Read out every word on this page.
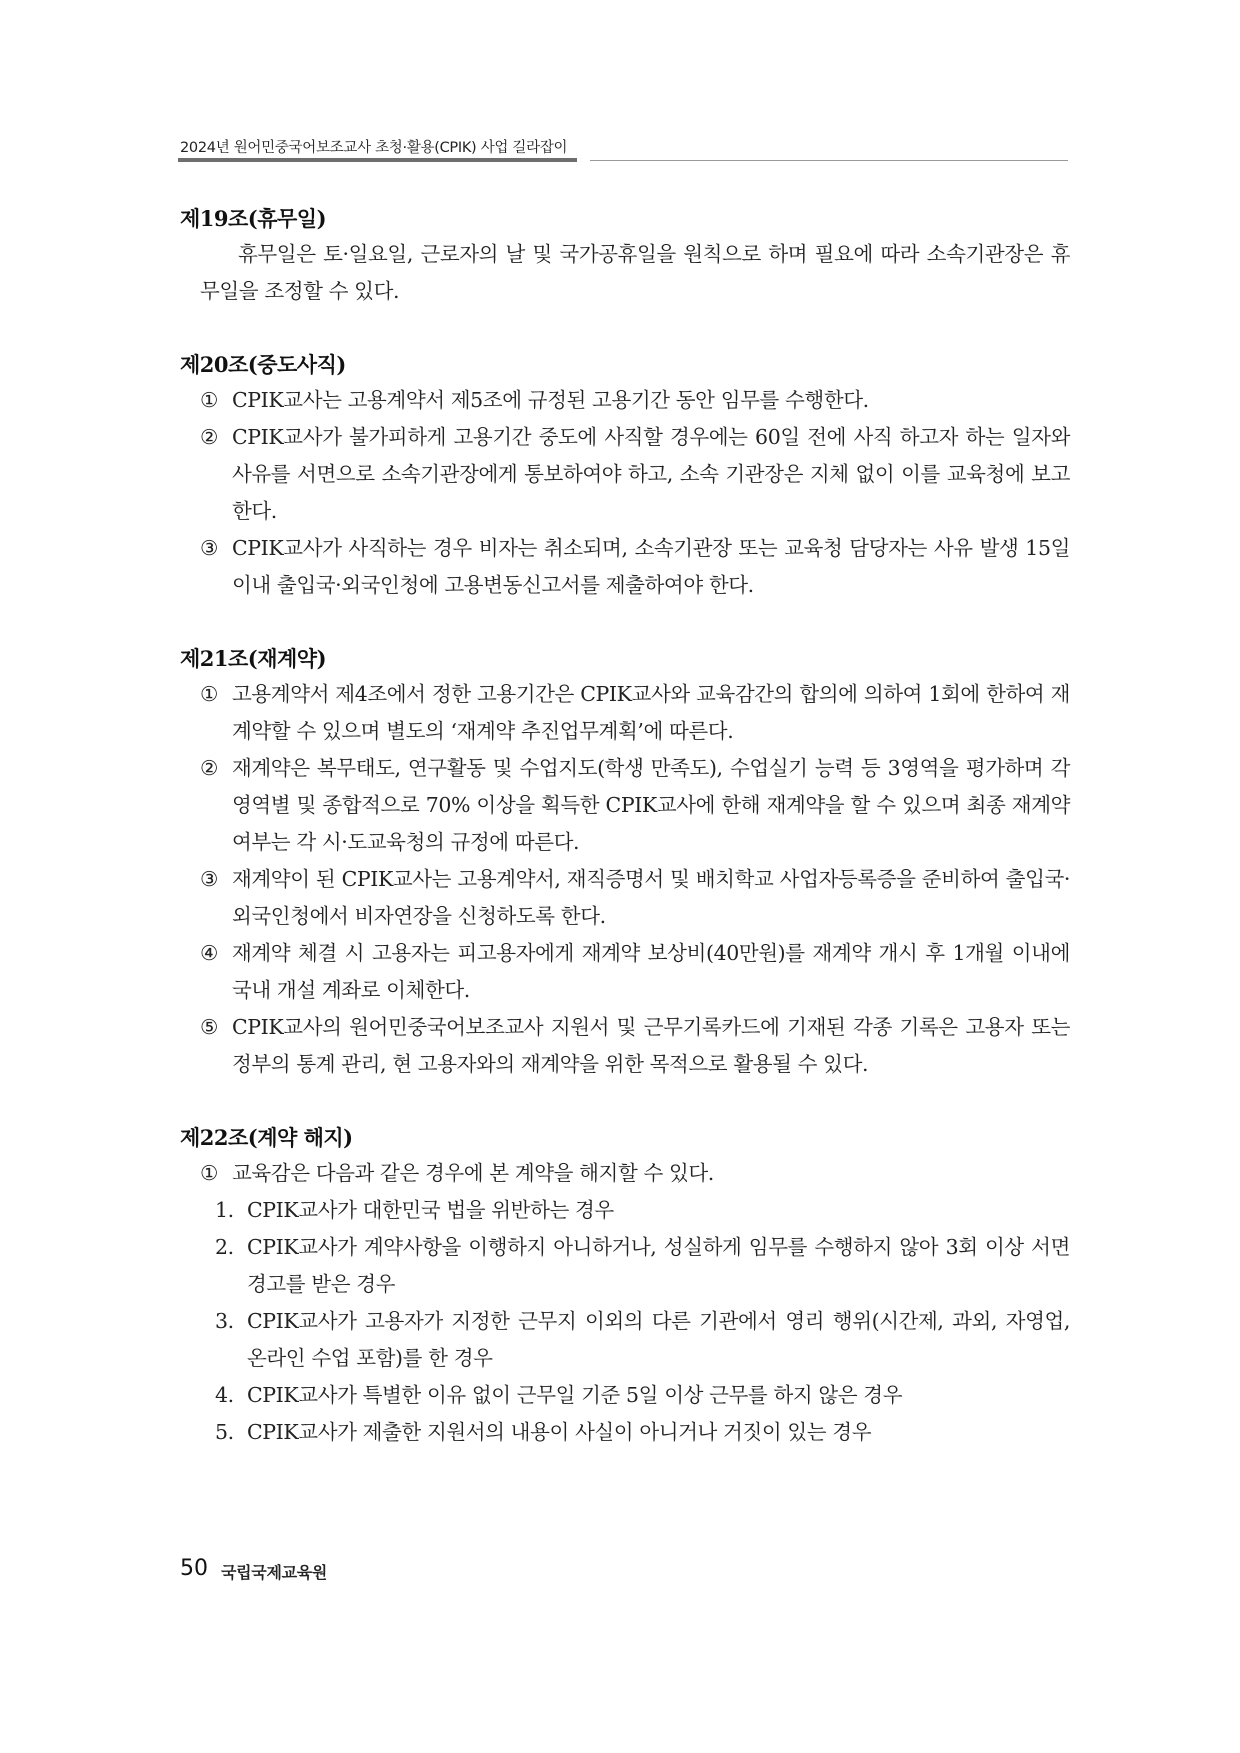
2024년 원어민중국어보조교사 초청·활용(CPIK) 사업 길라잡이
제19조(휴무일)
휴무일은 토·일요일, 근로자의 날 및 국가공휴일을 원칙으로 하며 필요에 따라 소속기관장은 휴무일을 조정할 수 있다.
제20조(중도사직)
① CPIK교사는 고용계약서 제5조에 규정된 고용기간 동안 임무를 수행한다.
② CPIK교사가 불가피하게 고용기간 중도에 사직할 경우에는 60일 전에 사직 하고자 하는 일자와 사유를 서면으로 소속기관장에게 통보하여야 하고, 소속 기관장은 지체 없이 이를 교육청에 보고한다.
③ CPIK교사가 사직하는 경우 비자는 취소되며, 소속기관장 또는 교육청 담당자는 사유 발생 15일 이내 출입국·외국인청에 고용변동신고서를 제출하여야 한다.
제21조(재계약)
① 고용계약서 제4조에서 정한 고용기간은 CPIK교사와 교육감간의 합의에 의하여 1회에 한하여 재계약할 수 있으며 별도의 ‘재계약 추진업무계획’에 따른다.
② 재계약은 복무태도, 연구활동 및 수업지도(학생 만족도), 수업실기 능력 등 3영역을 평가하며 각 영역별 및 종합적으로 70% 이상을 획득한 CPIK교사에 한해 재계약을 할 수 있으며 최종 재계약 여부는 각 시·도교육청의 규정에 따른다.
③ 재계약이 된 CPIK교사는 고용계약서, 재직증명서 및 배치학교 사업자등록증을 준비하여 출입국·외국인청에서 비자연장을 신청하도록 한다.
④ 재계약 체결 시 고용자는 피고용자에게 재계약 보상비(40만원)를 재계약 개시 후 1개월 이내에 국내 개설 계좌로 이체한다.
⑤ CPIK교사의 원어민중국어보조교사 지원서 및 근무기록카드에 기재된 각종 기록은 고용자 또는 정부의 통계 관리, 현 고용자와의 재계약을 위한 목적으로 활용될 수 있다.
제22조(계약 해지)
① 교육감은 다음과 같은 경우에 본 계약을 해지할 수 있다.
1. CPIK교사가 대한민국 법을 위반하는 경우
2. CPIK교사가 계약사항을 이행하지 아니하거나, 성실하게 임무를 수행하지 않아 3회 이상 서면 경고를 받은 경우
3. CPIK교사가 고용자가 지정한 근무지 이외의 다른 기관에서 영리 행위(시간제, 과외, 자영업, 온라인 수업 포함)를 한 경우
4. CPIK교사가 특별한 이유 없이 근무일 기준 5일 이상 근무를 하지 않은 경우
5. CPIK교사가 제출한 지원서의 내용이 사실이 아니거나 거짓이 있는 경우
50 국립국제교육원
